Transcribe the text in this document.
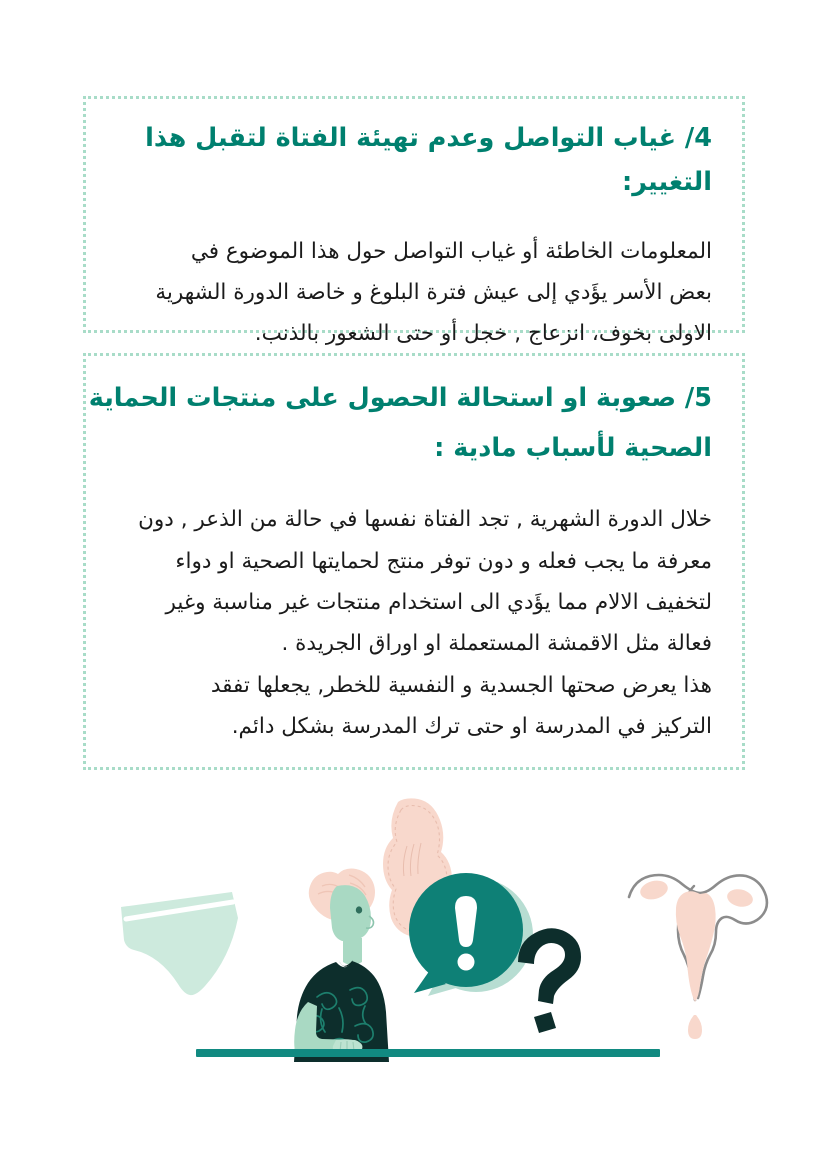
4/ غياب التواصل وعدم تهيئة الفتاة لتقبل هذا التغيير:
المعلومات الخاطئة أو غياب التواصل حول هذا الموضوع في
بعض الأسر يؤَدي إلى عيش فترة البلوغ و خاصة الدورة الشهرية
الاولى بخوف، انزعاج , خجل أو حتى الشعور بالذنب.
5/ صعوبة او استحالة الحصول على منتجات الحماية
الصحية لأسباب مادية :
خلال الدورة الشهرية , تجد الفتاة نفسها في حالة من الذعر , دون
معرفة ما يجب فعله و دون توفر منتج لحمايتها الصحية او دواء
لتخفيف الالام مما يؤَدي الى استخدام منتجات غير مناسبة وغير
فعالة مثل الاقمشة المستعملة او اوراق الجريدة .
هذا يعرض صحتها الجسدية و النفسية للخطر, يجعلها تفقد
التركيز في المدرسة او حتى ترك المدرسة بشكل دائم.
